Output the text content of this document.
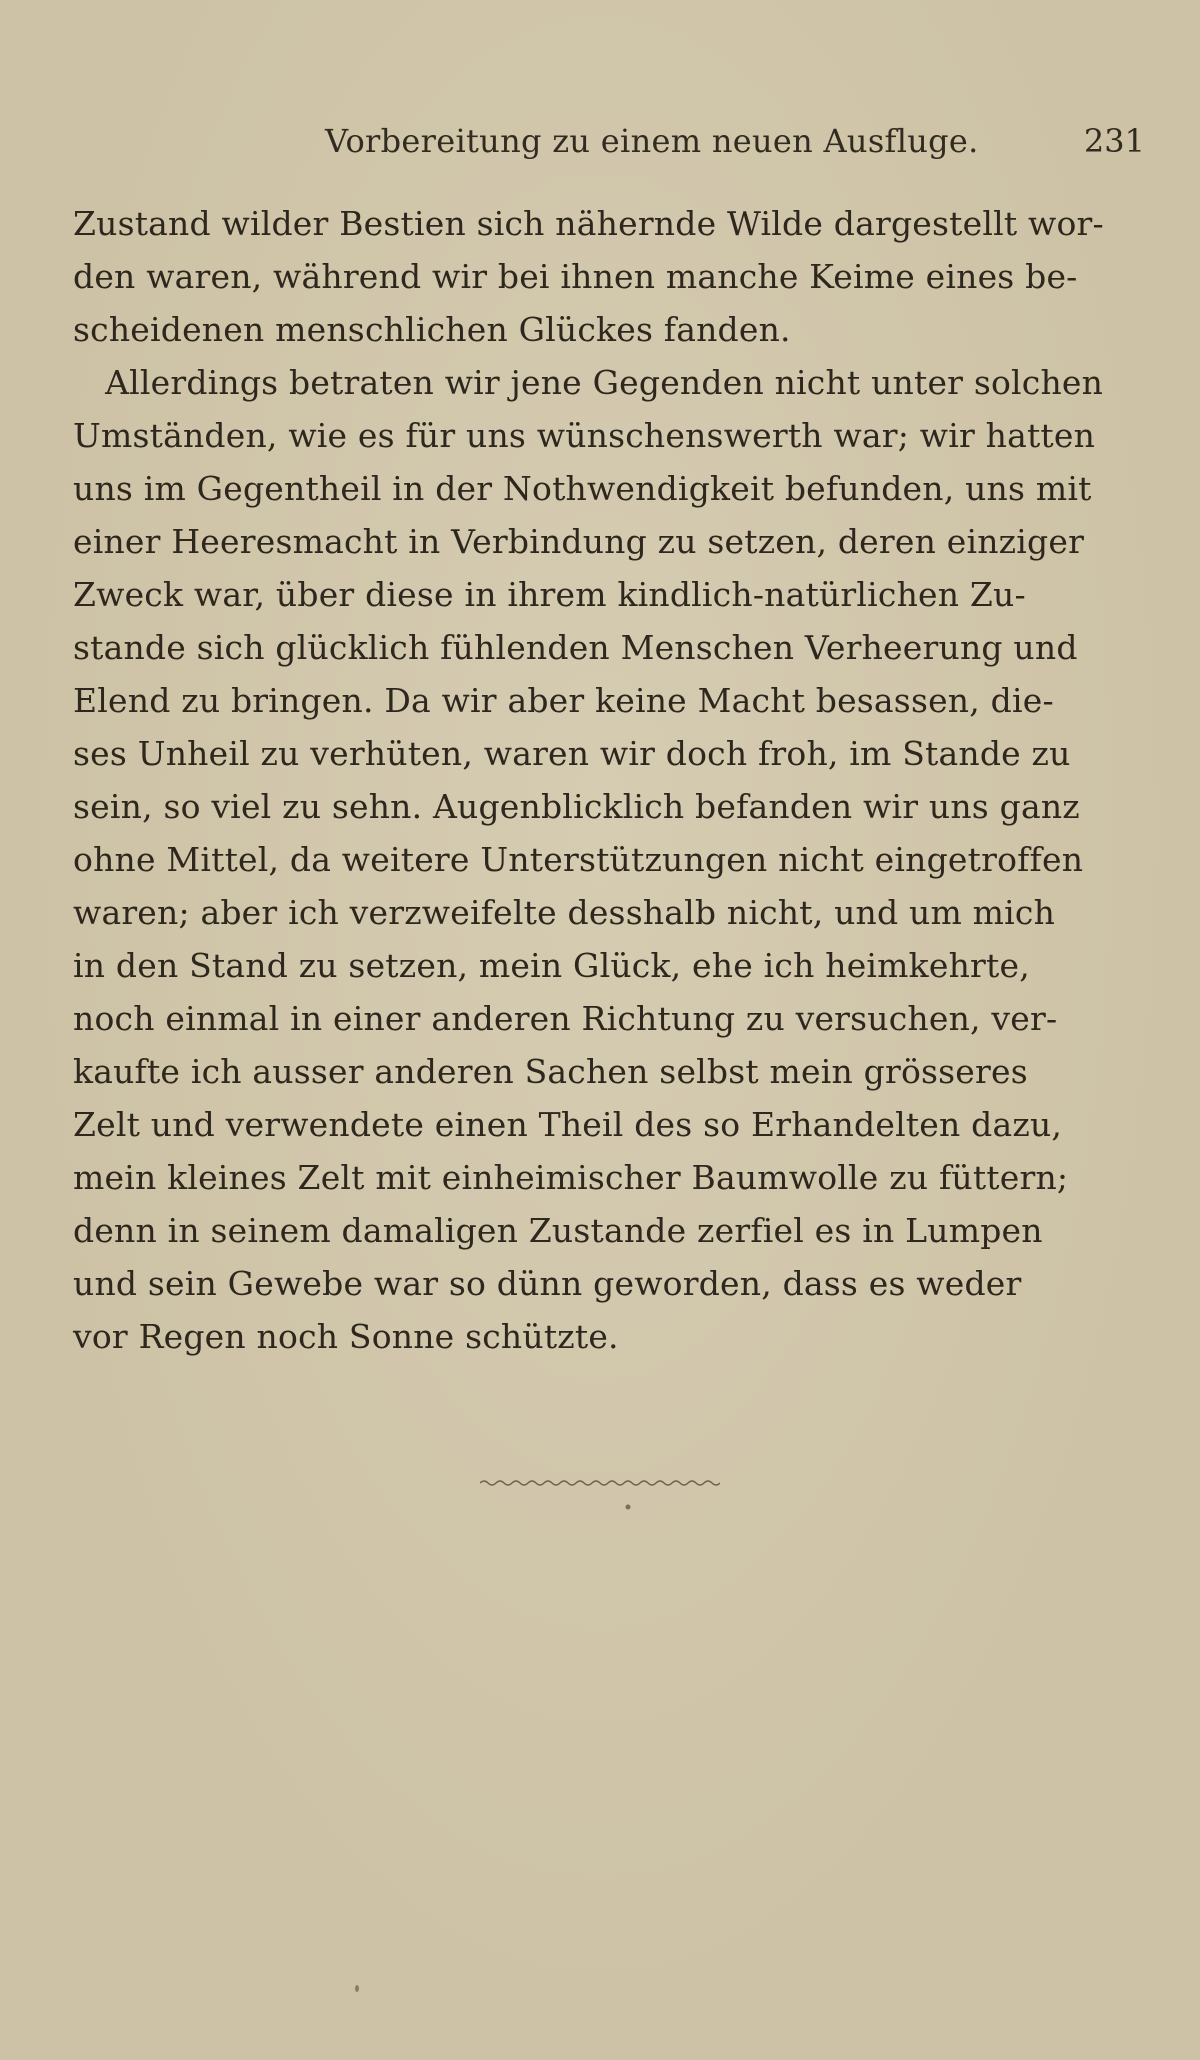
Vorbereitung zu einem neuen Ausfluge.	231
Zustand wilder Bestien sich nähernde Wilde dargestellt wor-
den waren, während wir bei ihnen manche Keime eines be-
scheidenen menschlichen Glückes fanden.
Allerdings betraten wir jene Gegenden nicht unter solchen
Umständen, wie es für uns wünschenswerth war; wir hatten
uns im Gegentheil in der Nothwendigkeit befunden, uns mit
einer Heeresmacht in Verbindung zu setzen, deren einziger
Zweck war, über diese in ihrem kindlich-natürlichen Zu-
stande sich glücklich fühlenden Menschen Verheerung und
Elend zu bringen. Da wir aber keine Macht besassen, die-
ses Unheil zu verhüten, waren wir doch froh, im Stande zu
sein, so viel zu sehn. Augenblicklich befanden wir uns ganz
ohne Mittel, da weitere Unterstützungen nicht eingetroffen
waren; aber ich verzweifelte desshalb nicht, und um mich
in den Stand zu setzen, mein Glück, ehe ich heimkehrte,
noch einmal in einer anderen Richtung zu versuchen, ver-
kaufte ich ausser anderen Sachen selbst mein grösseres
Zelt und verwendete einen Theil des so Erhandelten dazu,
mein kleines Zelt mit einheimischer Baumwolle zu füttern;
denn in seinem damaligen Zustande zerfiel es in Lumpen
und sein Gewebe war so dünn geworden, dass es weder
vor Regen noch Sonne schützte.
